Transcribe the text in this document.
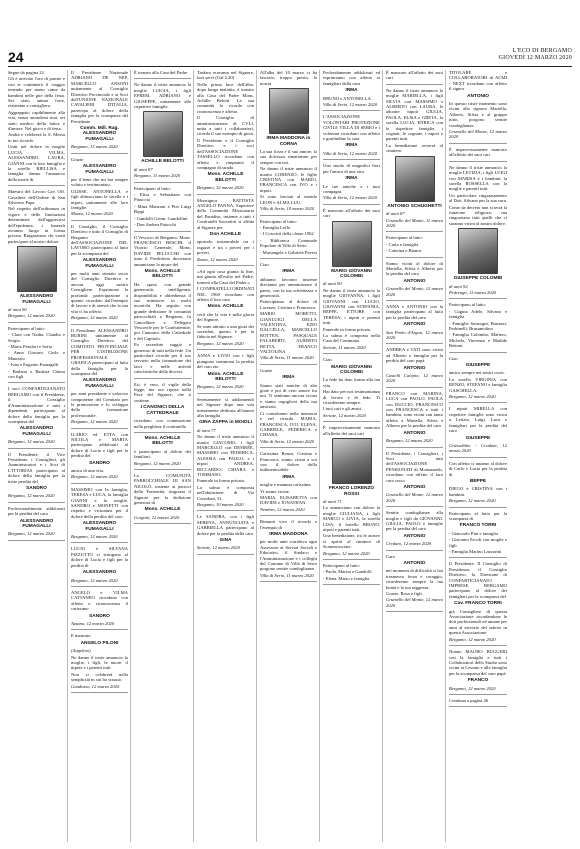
24	L'ECO DI BERGAMO
GIOVEDÌ 12 MARZO 2020

Segue da pagina 22

Gli è arrivato l'oro di partire e con te continuerò il viaggio tenendo per mano come da bambini nelle gite della festa. Sei stato anima forte, resistente a consigliera.

Aggrappato capibilmente alla vita, senza arrendersi mai, sei stato medico della fatica e d'amore. Nel gioco e di festa.

Andrà e celebrerà la S. Messa in tuo ricordo.

Uniti nel dolore la moglie LUCIA, VILMA, ALESSANDRO, LAURA, GIANNI con le loro famiglie e la sorella RIELLISA e famiglia danno l'annuncio della morte di

Maestro del Lavoro Cav. Off. Cavaliere dell'Ordine di San Silvestro Papa

Nel rispetto dell'ordinanza in vigore e delle limitazioni determinate dall'aggravarsi dell'epidemia, i funerali avranno luogo in forma privata. Ringraziano chi vorrà partecipare al nostro dolore.

ALESSANDRO FUMAGALLI

di anni 90

Bergamo, 12 marzo 2020

Partecipano al lutto:

- Clara con Nadia, Claudio e Sergio

- Mario Pesalori e Sofia

- Anna Giavaro, Carlo e Maurizio

- Ivan e Eugenio Fumagalli

- Barbara e Battista Chiesa con figli

I soci CONFARTIGIANATO BERGAMO con il Presidente, il Consiglio d'Amministrazione e tutti i dipendenti partecipano al dolore della famiglia per la scomparsa del

ALESSANDRO FUMAGALLI

Bergamo, 12 marzo 2020

Il Presidente, il Vice Presidente, i Consiglieri, gli Amministratori e i Soci di L'ITTORIAS partecipano al dolore della famiglia per la triste perdita del

SANDRO

Bergamo, 12 marzo 2020

Professionalmente addolorati per la perdita del caro

ALESSANDRO FUMAGALLI

Bergamo, 12 marzo 2020

Il Presidente Nazionale ADRIANO DE NEP, MARCELLO ANSONI unitamente al Consiglio Direttivo Provinciale e ai Soci dell'UNIONE NAZIONALE CAVALIERI D'ITALIA, partecipa al dolore della famiglia per la scomparsa del Presidente

Comm. Mill. Rag. ALESSANDRO FUMAGALLI

Bergamo, 13 marzo 2020

Grazie

ALESSANDRO FUMAGALLI

per il bene che mi hai sempre voluto e testimoniato.

ULISSE, ANTONELLA e figli abbracciano le sorelle e i nipoti, unitamente alle loro famiglie.

Mozzo, 12 marzo 2020

Il Consiglio, il Consiglio Direttivo e tutto il Consiglio di Bergamo dell'ASSOCIAZIONE DEL LAVORO partecipano al lutto per la scomparsa del

ALESSANDRO FUMAGALLI

per molti anni stimato socio del Consiglio Direttivo e ancora oggi nostro Consigliere. Esprimono la profonda partecipazione a quanto ricordato dall'esempio di lavoro e di onestà che la sua vita ci ha offerto.

Bergamo, 12 marzo 2020

Il Presidente ALESSANDRO BURINI unitamente al Consiglio Direttivo del COMITATO PROVINCIALE PER L'ISTRUZIONE PROFESSIONALE GRAFICA partecipano al lutto della famiglia per la scomparsa del

ALESSANDRO FUMAGALLI

per anni presidente e valoroso componente del Comitato per la promozione e lo sviluppo della formazione professionale.

Bergamo, 12 marzo 2020

ILARIO ed ETTA con NICOLA e MARTA partecipano addolorati al dolore di Lucia e figli per la perdita del

SANDRO

amico di una vita.

Bergamo, 12 marzo 2020

MASSIMO con la famiglia, TERESA e LUCA, la famiglia GIANNI e la moglie, SANDRO e MONETTI con rispetto e vicinanza per il dolore della perdita del caro

ALESSANDRO FUMAGALLI

Bergamo, 12 marzo 2020

LUCIO e SILVANA PIZZUTTO si stringono al dolore di Lucia e figli per la perdita di

ALESSANDRO

Bergamo, 12 marzo 2020

ANGELO e VILMA CATTANEO ricordano con affetto e riconoscenza il carissimo

SANDRO

Azzano, 12 marzo 2020

E mancato

ANGELO PILONI

(Angelino)

Ne danno il triste annuncio la moglie, i figli, le nuore, il nipote e i parenti tutti.

Non si celebrerà nella semplicità in cui ha vissuto.

Gandosso, 12 marzo 2020

È tornato alla Casa del Padre

Ne danno il triste annuncio la moglie LUIGIA, i figli EFREM, ADRIANO e GIUSEPPE, unitamente alle rispettive famiglie.

ACHILLE BELOTTI

di anni 87

Bergamo, 11 marzo 2020

Partecipano al lutto:

- Elisa e Sebastiano con Pinuccia

- Mina Manzoni e Pier Luigi Rippi

- Gandolfi Geom. Gandolfini

- Don Andrea Paiocchi

Il Vescovo di Bergamo, Mons. FRANCESCO BESCHI, il Vicario Generale, Mons. DAVIDE PELUCCHI con tutto il Presbiterio diocesano annunciano la morte del

Mons. ACHILLE BELOTTI

Ha speso con grande generosità, intelligenza, disponibilità e obbedienza il suo ministero in molti incarichi. Ha seguito con grande dedizione le comunità parrocchiali a Bergamo, fu Cancelliere e Delegato Vescovile per le Confraternite, poi Canonico della Cattedrale e del Capitolo.

Fu sacerdote saggio e generoso di tutti nella fede. Un particolare ricordo per il suo servizio nella formazione dei laici e nelle attività catechistiche della diocesi.

Eri, è vero, il vigile della legge, ma ora riposa nella Pace del Signore, che ti sostiene.

I CANONICI DELLA CATTEDRALE

ricordano con commozione nella preghiera il confratello

Mons. ACHILLE BELOTTI

e partecipano al dolore dei familiari.

Bergamo, 12 marzo 2020

La COMUNITÀ PARROCCHIALE DI SAN NICOLÒ, insieme ai parroci della Fraternità, ringrazia il Signore per la dedizione generosa di

Mons. ACHILLE

Gorgoni, 12 marzo 2020

Tardaro eravamo nel Signore, tuoi servi (Gal 2,20)

Nella prima luce dell'alba, dopo lunga malattia, è tornato alla Casa del Padre Mons. Achille Belotti. La sua comunità lo ricorda con riconoscenza e affetto.

Il Consiglio di amministrazione di CVLI, unita a tutti i collaboratori, ricorda il suo esempio di gioia.

Il Presidente e il Consiglio Direttivo e i soci dell'ASSOCIAZIONE TASSELLO ricordano con affetto e rimpianto il compagno di strada.

Mons. ACHILLE BELOTTI

Bergamo, 12 marzo 2020

Monsignor BATTISTA ANGELO PANNA, Superiore della Comunità Missionaria del Paradiso, insieme a tutti i Confratelli Sacerdoti si affida al Signore per

Don ACHILLE

apostolo instancabile tra i ragazzi e tra i poveri per i poveri.

Roma, 12 marzo 2020

«Ad ogni cosa giunta la fine, ma giunta all'esilio nel Padre, tornerò alla Casa del Padre.»

I CONFRATELLI ORDINATI NEL 1960 ricordano con affetto il loro caro

Mons. ACHILLE

certi che la vita è nella gloria del Signore.

Se sono attratto a una gioia dei sacerdoti, questo è per la fiducia nel Signore.

Bergamo, 12 marzo 2020

ANNA e LIVIO con i figli piangono commossi la perdita del caro zio

Mons. ACHILLE BELOTTI

Bergamo, 12 marzo 2020

Serenamente si addormentò nel Signore dopo una vita interamente dedicata all'amore alla famiglia

GINA ZAPPA in MOIOLI

di anni 77

Ne danno il triste annuncio il marito GIACOMO, i figli MARCELLO con DESIRÈE, MASSIMO con FEDERICA, ALESSIA con PAOLO, e i nipoti ANDREA, RICCARDO, CHIARA e TOMMASO.

Funerale in forma privata.

La salma è composta nell'abitazione di Via Corridoni, 31.

Bergamo, 10 marzo 2020

Le SANDRA, con i figli SERENA, ANNUNCIATA e GABRIELLA partecipano al dolore per la perdita della cara

GINA

Seriate, 12 marzo 2020

All'alba del 10 marzo ci ha lasciato, troppo presto, la nostra

IRMA MADDONA in CORNA

La sua forza e il suo amore, la sua dolcezza rimarranno per sempre con noi.

Ne danno il triste annuncio il marito LORENZO, le figlie CRISTINA con MARIO, FRANCESCA con IVO e i nipoti.

Si sono lasciati al mondo LEON e ALMA LUU.

Villa di Serio, 10 marzo 2020

Partecipano al lutto:

- Famiglia Leffe

- I Coscritti della classe 1962

- Biblioteca Comunale Popolare di Villa di Serio

- Mariangela e Gabriele Pavesi

Ciao

IRMA

abbiamo lavorato insieme diecianni per amministrare il paese, con la tua schiettezza e generosità.

Partecipiamo al dolore di Lorenzo, Cristina e Francesca.

MARIO MORETTI, GIANLUIGI DELLA VALENTINA, EZIO DALCELLA, MARCELLO ROTTEN, PASQUALE FALABERTI, ALBERTO BETTA, FRANCO VALTOLINA.

Villa di Serio, 11 marzo 2020

Grazie

IRMA

Siamo stati amiche di alte gioie e poi di vero amore fra noi. Ti sentiamo ancora vicina e siamo orgogliosi della tua amicizia.

Ci consoliamo nella memoria e nel ricordo. MARIA, FRANCESCA, IVO, ELENA, GABRIELE, FEDERICA e CHIARA.

Villa di Serio, 12 marzo 2020

Carissima Renza, Cristina e Francesca, siamo vicini a voi con il dolore della indimenticabile

IRMA

moglie e mamma carissima.

Vi siamo vicine.

MARIA, ELISABETTA con DAVIDE e JONATHAN

Nembro, 12 marzo 2020

Rimarrà vivo il ricordo e l'esempio di

IRMA MADDONA

per molti anni sorrideva ogni Assessore ai Servizi Sociali e Educativi, il Sindaco e l'Amministrazione e i colleghi del Comune di Villa di Serio porgono sentite condoglianze.

Villa di Serio, 11 marzo 2020

Profondamente addolorati ed esprimiamo con affetto ai famigliari della cara

IRMA

BRUNO e ANTONELLA.

Villa di Serio, 12 marzo 2020

L'ASSOCIAZIONE VOLONTARI PROTEZIONE CIVILE VILLA DI SERIO e i volontari ricordano con affetto e gratitudine la cara

IRMA

Villa di Serio, 12 marzo 2020

Uno stuolo di magnifici fiori per l'amica di una vita.

IRMA

Le tue amiche e i tuoi compagni.

Villa di Serio, 12 marzo 2020

È mancato all'affetto dei suoi cari

MARIO GIOVANNI COLOMBI

di anni 90

Ne danno il triste annuncio la moglie GIOVANNA, i figli GIOVANNI con LUCIO, GIOVANNI con STEFANIA, BEPPE, ETTORE con TERESA, i nipoti e parenti tutti.

Funerale in forma privata.

La salma è composta nella Casa del Commiato.

Seriate, 11 marzo 2020

Ciao

MARIO GIOVANNI COLOMBI

La fede ha dato forma alla tua vita.

Hai dato per noi testimonianza di lavoro e di fede. Ti ricorderemo sempre.

I tuoi cari e gli amici.

Seriate, 12 marzo 2020

È improvvisamente mancato all'affetto dei suoi cari

FRANCO LORENZO ROSSI

di anni 71

Lo annunciano con dolore la moglie GIULIANA, i figli MARCO e LIVIA, la sorella LISA, il fratello BRUNO, nipoti e parenti tutti.

Una benedizione, tra le aurore si aprirà al cimitero di Scanzorosciate.

Bergamo, 12 marzo 2020

Partecipano al lutto:

- Paola, Marisa e Gandolfi

- Elena, Mario e famiglia

È mancato all'affetto dei suoi cari

Ne danno il triste annuncio la moglie MARIELLA, i figli SILVIA con MASSIMO e ALBERTO con LAURA, le adorate nipoti GIULIA, PAOLA, ELISA e GRETA, la sorella LUCIA, ENRICA con le rispettive famiglie, i cognati, le cognate, i nipoti e parenti tutti.

La benedizione avverrà al cimitero.

ANTONIO SCHUGHETTI

di anni 87

Grumello del Monte, 11 marzo 2020

Partecipano al lutto:

- Carla e famiglia

- Caterina e Bianca

Siamo vicini al dolore di Mariella, Silvia e Alberto per la perdita del caro

ANTONIO

Grumello del Monte, 12 marzo 2020

ANNA e ANTONIO con la famiglia partecipano al lutto per la perdita del caro

ANTONIO

San Paolo d'Argon, 12 marzo 2020

ANDREA e TATI sono vicini ad Alberto e famiglia per la perdita del caro papà

ANTONIO

Castelli Calepio, 12 marzo 2020

FRANCO con MARINA, LUCA con PAOLO, PAOLA con DUCCIO, FRANCESCO con FRANCESCA e tutti i bambini, sono vicini con tanto affetto a Mariella, Silvia e Alberto per la perdita del caro

ANTONIO

Bergamo, 12 marzo 2020

Il Presidente, i Consiglieri, i Soci tutti dell'ASSOCIAZIONE PENSIONATI di Montanardo, ricordano con affetto il loro caro socio

ANTONIO

Grumello del Monte, 12 marzo 2020

Sentite condoglianze alla moglie e figli da GIOVANNI, GIULIA, PAOLO e famiglie per la perdita del caro

ANTONIO

Credaro, 12 marzo 2020

Caro

ANTONIO

nei momenti di difficoltà ci hai trasmesso forza e coraggio, ricorderemo sempre la tua bontà e la tua saggezza.

Grazie, Rosa e figli.

Grumello del Monte, 12 marzo 2020

TITOLARE e COLLABORATORI di ACMI - NEXT ricordano con affetto il signor

ANTONIO

In questo triste momento sono vicini alla signora Mariella, Alberto, Silvia e al gruppo tutto, porgono sentite condoglianze.

Grumello del Monte, 12 marzo 2020

È improvvisamente mancato all'affetto dei suoi cari

Ne danno il triste annuncio la moglie LETIZIA, i figli LUIGI con MARISA e i bambini, la sorella ROSSELLA con la moglie e parenti tutti.

Un particolare ringraziamento al Dott. Silvano per la sua cura.

Come da decreto non si terrà la funzione religiosa; ma ringraziano tutti quelli che ci saranno vicini al nostro dolore.

GIUSEPPE COLOMBI

di anni 92

Pedrengo, 11 marzo 2020

Partecipano al lutto:

- Cugina Adele, Silvano e famiglia

- Famiglie Sonzogni, Bonazzi, Pedrinelli, Brusamolino

- Famiglia Colombo, Maftero, Michela, Vincenzo e Matilde Bettoni

Ciao

GIUSEPPE

amico sempre nei nostri cuori.

La sorella VIRGINIA con RENZO, STEFANO e famiglia GASCHELLA.

Bergamo, 12 marzo 2020

I nipoti MIRELLA con rispettive famiglie sono vicini a Letizia, Luigi, Luca e famigliari per la perdita del caro

GIUSEPPE

Grassobbio - Cividate, 12 marzo 2020

Con affetto ci uniamo al dolore di Carlo e Lucia per la perdita di

BEPPE

DIEGO e CRISTINA con i bambini.

Bergamo, 12 marzo 2020

Partecipano al lutto per la scomparsa di

FRANCO TORRI

- Giancarlo Pini e famiglia

- Giacomo Ercoli con moglie e figli

- Famiglia Marino Lazzarini

Il Presidente, Il Consiglio di Presidenza, il Consiglio Direttivo, la Direzione di CONFARTIGIANATO IMPRESE BERGAMO partecipano al dolore dei famigliari per la scomparsa del

Cav. FRANCO TORRI

già Consigliere di questa Associazione ricordandone le doti professionali ed umane per anni al servizio del settore in questa Associazione.

Bergamo, 12 marzo 2020

Notaio MAURO BUGGERI con la famiglia e tutti i Collaboratori dello Studio sono vicini ai Cessato e alla famiglia per la scomparsa del caro papà

FRANCO

Bergamo, 12 marzo 2020

Continua a pagina 26
